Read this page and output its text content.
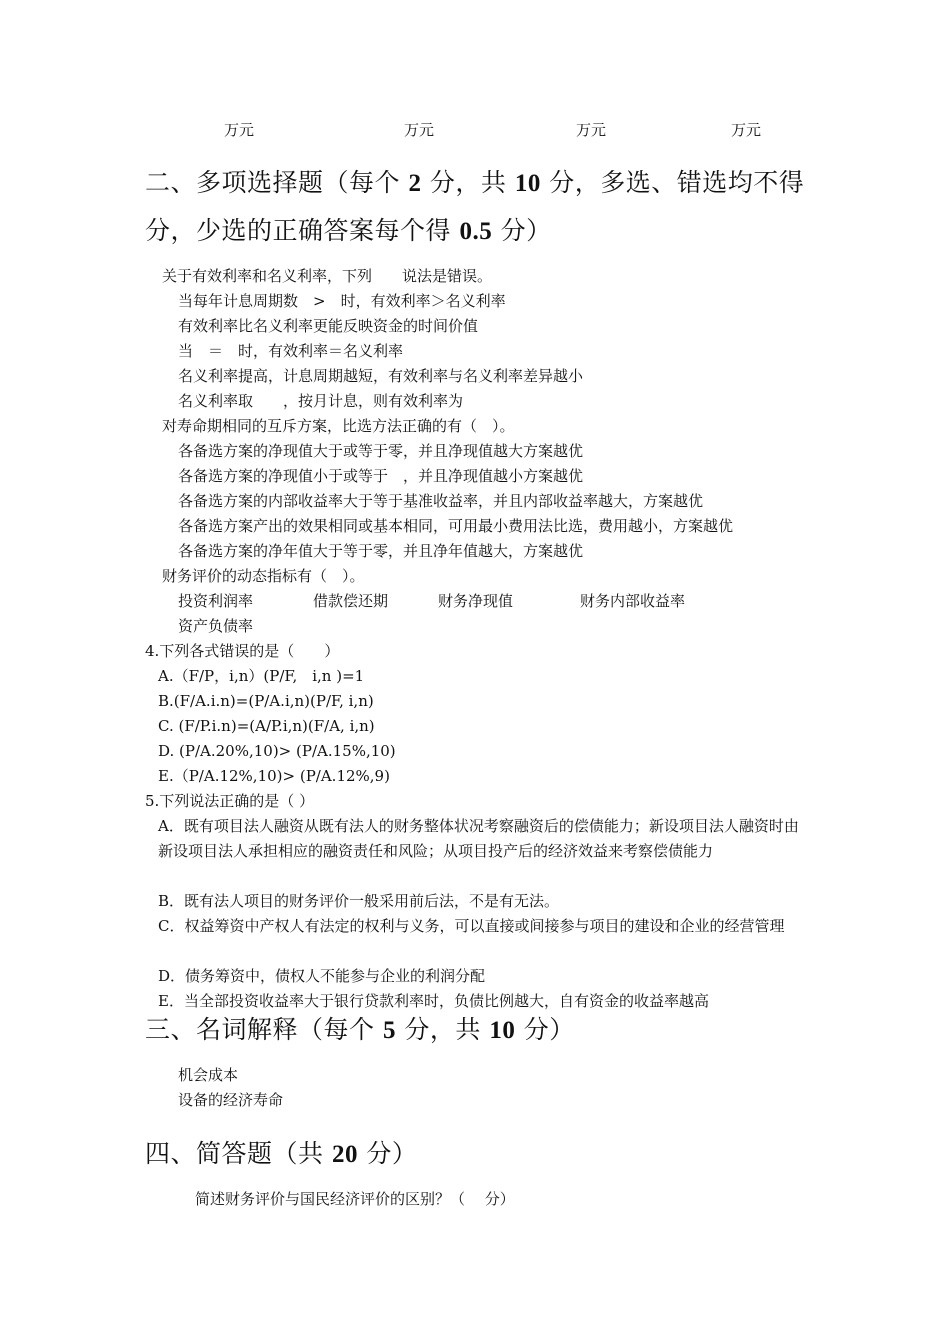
万元	万元	万元	万元
二、多项选择题（每个 2 分，共 10 分，多选、错选均不得
分，少选的正确答案每个得 0.5 分）
关于有效利率和名义利率，下列　　说法是错误。
当每年计息周期数　>　时，有效利率＞名义利率
有效利率比名义利率更能反映资金的时间价值
当　＝　时，有效利率＝名义利率
名义利率提高，计息周期越短，有效利率与名义利率差异越小
名义利率取　　，按月计息，则有效利率为
对寿命期相同的互斥方案，比选方法正确的有（　）。
各备选方案的净现值大于或等于零，并且净现值越大方案越优
各备选方案的净现值小于或等于　，并且净现值越小方案越优
各备选方案的内部收益率大于等于基准收益率，并且内部收益率越大，方案越优
各备选方案产出的效果相同或基本相同，可用最小费用法比选，费用越小，方案越优
各备选方案的净年值大于等于零，并且净年值越大，方案越优
财务评价的动态指标有（　）。
投资利润率	借款偿还期	财务净现值	财务内部收益率
资产负债率
4.下列各式错误的是（　　）
A.（F/P，i,n）(P/F,　i,n )=1
B.(F/A.i.n)=(P/A.i,n)(P/F, i,n)
C. (F/P.i.n)=(A/P.i,n)(F/A, i,n)
D. (P/A.20%,10)> (P/A.15%,10)
E.（P/A.12%,10)> (P/A.12%,9)
5.下列说法正确的是（ ）
A．既有项目法人融资从既有法人的财务整体状况考察融资后的偿债能力；新设项目法人融资时由新设项目法人承担相应的融资责任和风险；从项目投产后的经济效益来考察偿债能力
B．既有法人项目的财务评价一般采用前后法，不是有无法。
C．权益筹资中产权人有法定的权利与义务，可以直接或间接参与项目的建设和企业的经营管理
D．债务筹资中，债权人不能参与企业的利润分配
E．当全部投资收益率大于银行贷款利率时，负债比例越大，自有资金的收益率越高
三、名词解释（每个 5 分，共 10 分）
机会成本
设备的经济寿命
四、简答题（共 20 分）
简述财务评价与国民经济评价的区别？（　 分）
